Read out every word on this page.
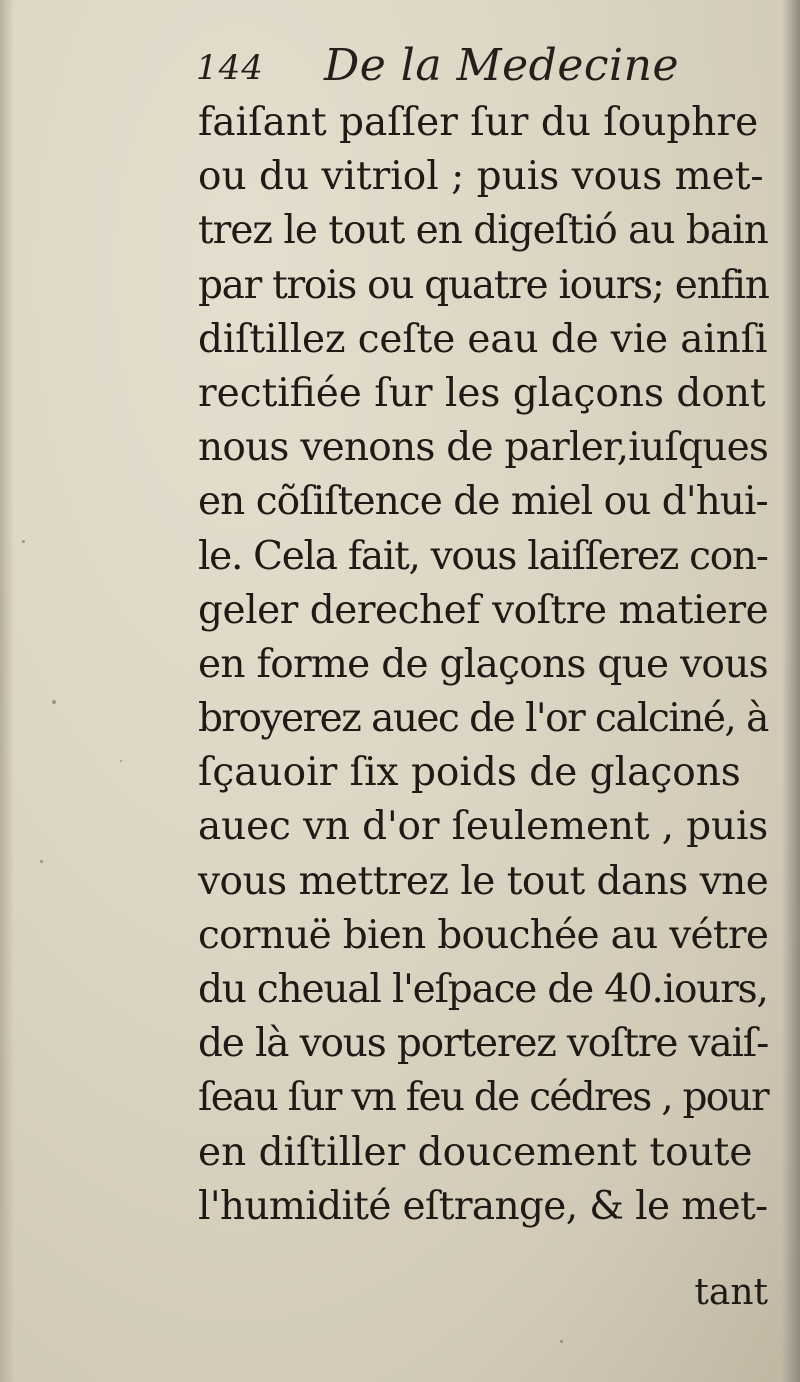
144 De la Medecine
faiſant paſſer ſur du ſouphre
ou du vitriol ; puis vous met-
trez le tout en digeſtió au bain
par trois ou quatre iours; enfin
diſtillez ceſte eau de vie ainſi
rectifiée ſur les glaçons dont
nous venons de parler,iuſques
en cõſiſtence de miel ou d'hui-
le. Cela fait, vous laiſſerez con-
geler derechef voſtre matiere
en forme de glaçons que vous
broyerez auec de l'or calciné, à
ſçauoir ſix poids de glaçons
auec vn d'or ſeulement , puis
vous mettrez le tout dans vne
cornuë bien bouchée au vétre
du cheual l'eſpace de 40.iours,
de là vous porterez voſtre vaiſ-
ſeau ſur vn feu de cédres , pour
en diſtiller doucement toute
l'humidité eſtrange, & le met-
tant
